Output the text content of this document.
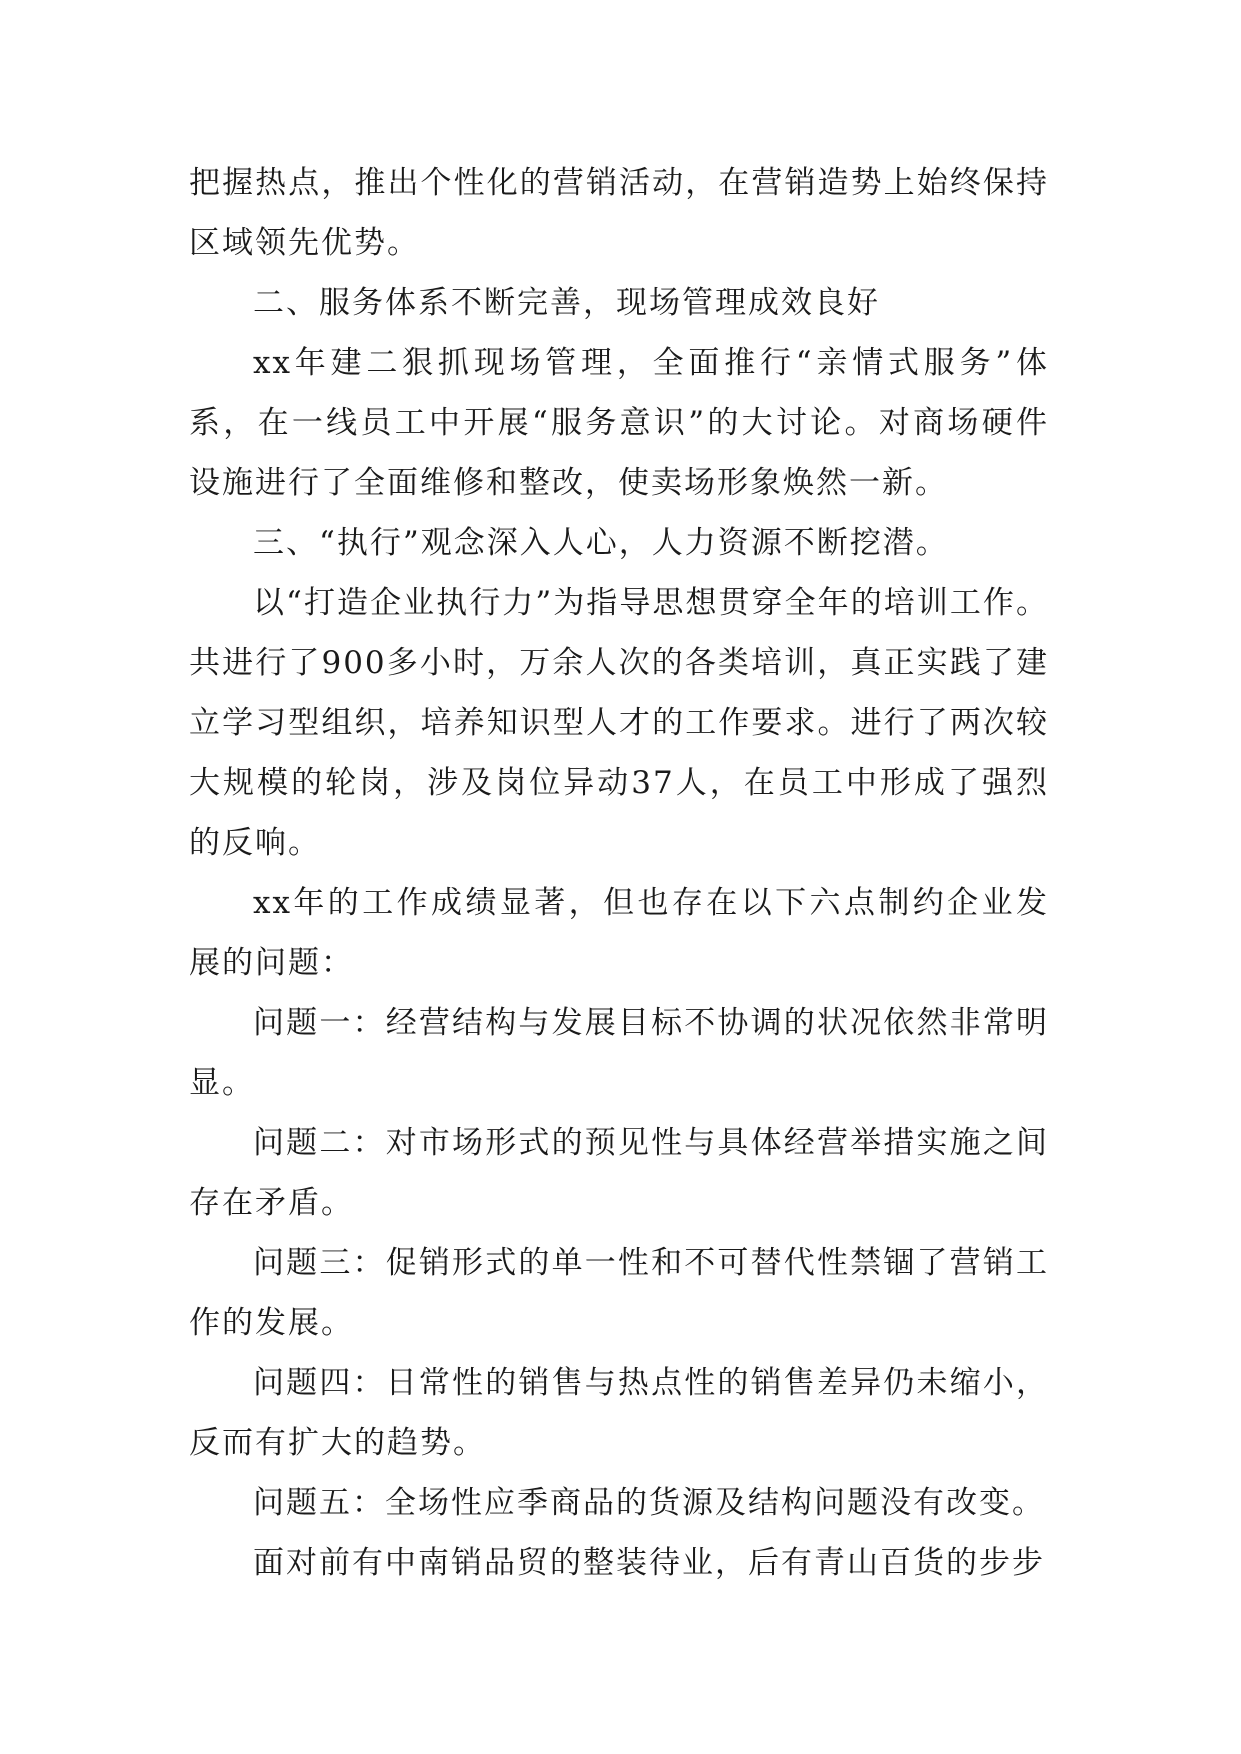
把握热点，推出个性化的营销活动，在营销造势上始终保持区域领先优势。

二、服务体系不断完善，现场管理成效良好

xx年建二狠抓现场管理，全面推行“亲情式服务”体系，在一线员工中开展“服务意识”的大讨论。对商场硬件设施进行了全面维修和整改，使卖场形象焕然一新。

三、“执行”观念深入人心，人力资源不断挖潜。

以“打造企业执行力”为指导思想贯穿全年的培训工作。共进行了900多小时，万余人次的各类培训，真正实践了建立学习型组织，培养知识型人才的工作要求。进行了两次较大规模的轮岗，涉及岗位异动37人，在员工中形成了强烈的反响。

xx年的工作成绩显著，但也存在以下六点制约企业发展的问题：

问题一：经营结构与发展目标不协调的状况依然非常明显。

问题二：对市场形式的预见性与具体经营举措实施之间存在矛盾。

问题三：促销形式的单一性和不可替代性禁锢了营销工作的发展。

问题四：日常性的销售与热点性的销售差异仍未缩小，反而有扩大的趋势。

问题五：全场性应季商品的货源及结构问题没有改变。

面对前有中南销品贸的整装待业，后有青山百货的步步
